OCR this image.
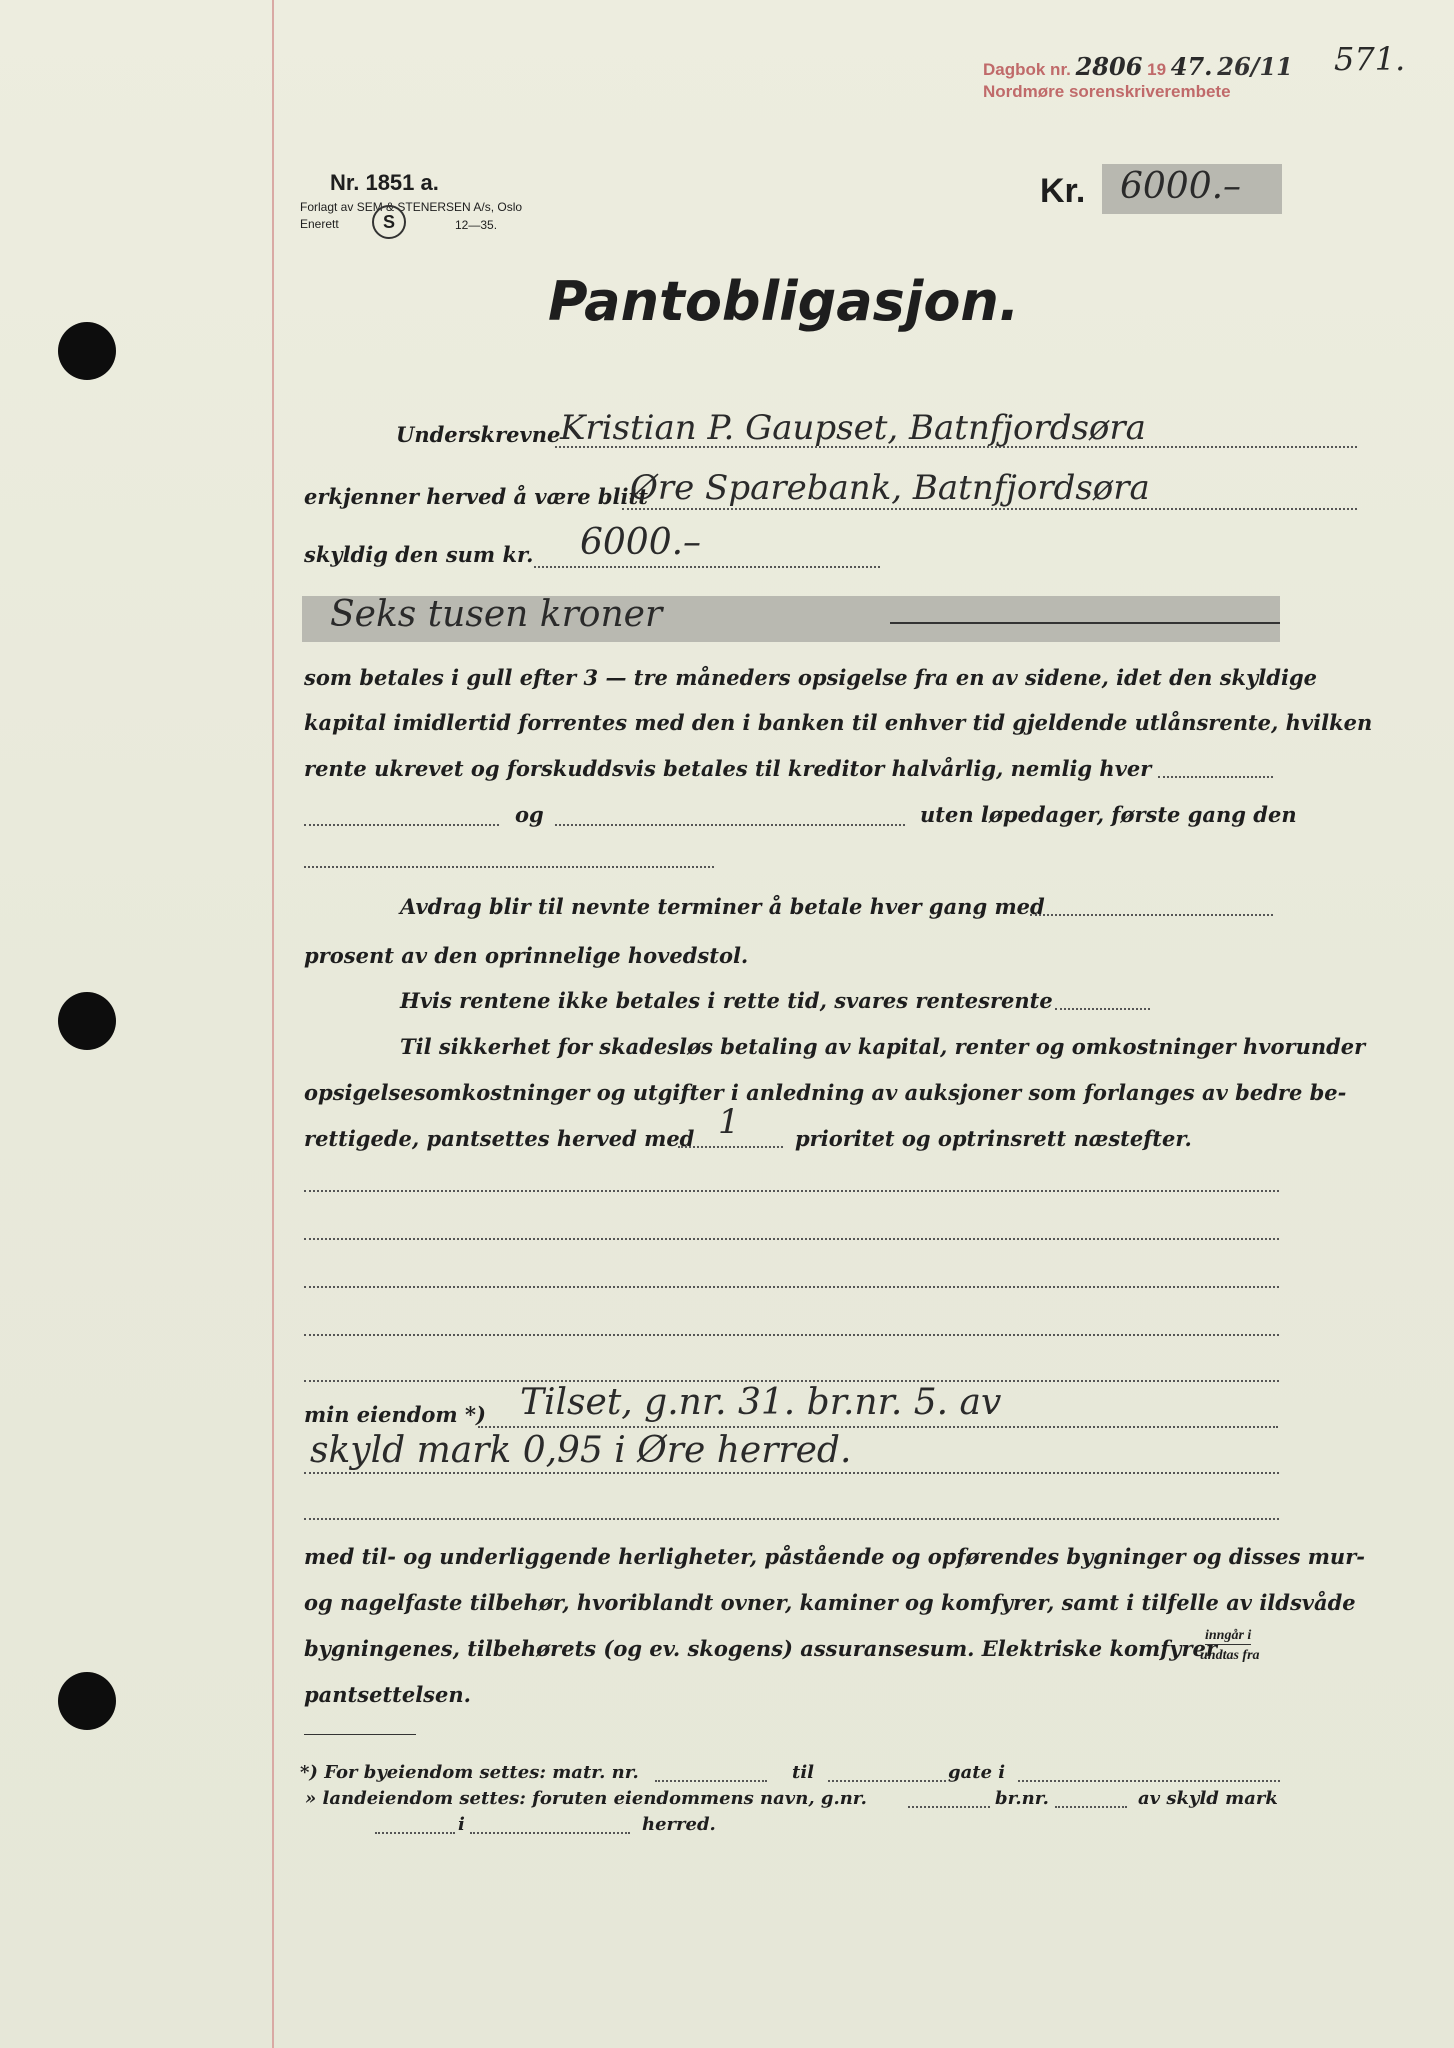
Dagbok nr. 2806 19 47. 26/11
Nordmøre sorenskriverembete
571.
Nr. 1851 a.
Forlagt av SEM & STENERSEN A/s, Oslo
Enerett	S	12—35.
Kr. 6000.–
Pantobligasjon.
Underskrevne Kristian P. Gaupset, Batnfjordsøra
erkjenner herved å være blitt
Øre Sparebank, Batnfjordsøra
skyldig den sum kr. 6000.–
Seks tusen kroner
som betales i gull efter 3 — tre måneders opsigelse fra en av sidene, idet den skyldige
kapital imidlertid forrentes med den i banken til enhver tid gjeldende utlånsrente, hvilken
rente ukrevet og forskuddsvis betales til kreditor halvårlig, nemlig hver
og	uten løpedager, første gang den
Avdrag blir til nevnte terminer å betale hver gang med
prosent av den oprinnelige hovedstol.
Hvis rentene ikke betales i rette tid, svares rentesrente
Til sikkerhet for skadesløs betaling av kapital, renter og omkostninger hvorunder
opsigelsesomkostninger og utgifter i anledning av auksjoner som forlanges av bedre be-
rettigede, pantsettes herved med 1	prioritet og optrinsrett næstefter.
min eiendom *) Tilset, g.nr. 31. br.nr. 5. av
skyld mark 0,95 i Øre herred.
med til- og underliggende herligheter, påstående og opførendes bygninger og disses mur-
og nagelfaste tilbehør, hvoriblandt ovner, kaminer og komfyrer, samt i tilfelle av ildsvåde
bygningenes, tilbehørets (og ev. skogens) assuransesum. Elektriske komfyrer
inngår i
undtas fra
pantsettelsen.
*) For byeiendom settes: matr. nr.	til	gate i
» landeiendom settes: foruten eiendommens navn, g.nr.	br.nr.	av skyld mark
i	herred.
